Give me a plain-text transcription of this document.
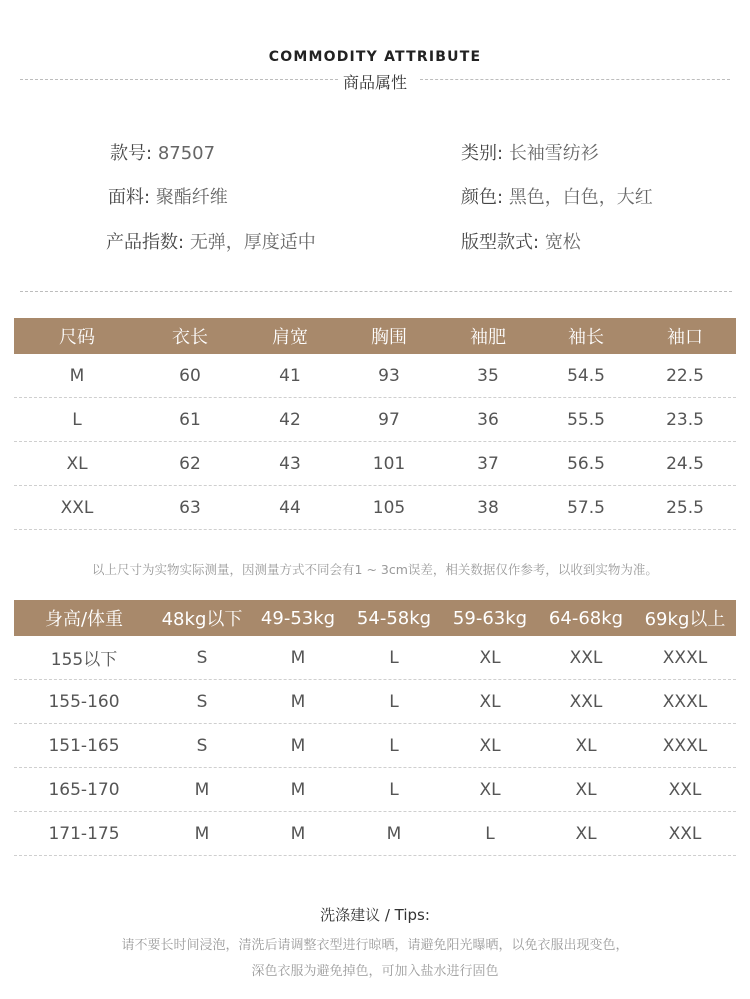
COMMODITY ATTRIBUTE
商品属性
款号: 87507	类别: 长袖雪纺衫
面料: 聚酯纤维	颜色: 黑色，白色，大红
产品指数: 无弹，厚度适中	版型款式: 宽松
尺码	衣长	肩宽	胸围	袖肥	袖长	袖口
M	60	41	93	35	54.5	22.5
L	61	42	97	36	55.5	23.5
XL	62	43	101	37	56.5	24.5
XXL	63	44	105	38	57.5	25.5
以上尺寸为实物实际测量，因测量方式不同会有1 ~ 3cm误差，相关数据仅作参考，以收到实物为准。
身高/体重	48kg以下	49-53kg	54-58kg	59-63kg	64-68kg	69kg以上
155以下	S	M	L	XL	XXL	XXXL
155-160	S	M	L	XL	XXL	XXXL
151-165	S	M	L	XL	XL	XXXL
165-170	M	M	L	XL	XL	XXL
171-175	M	M	M	L	XL	XXL
洗涤建议 / Tips:
请不要长时间浸泡，清洗后请调整衣型进行晾晒，请避免阳光曝晒，以免衣服出现变色，
深色衣服为避免掉色，可加入盐水进行固色
